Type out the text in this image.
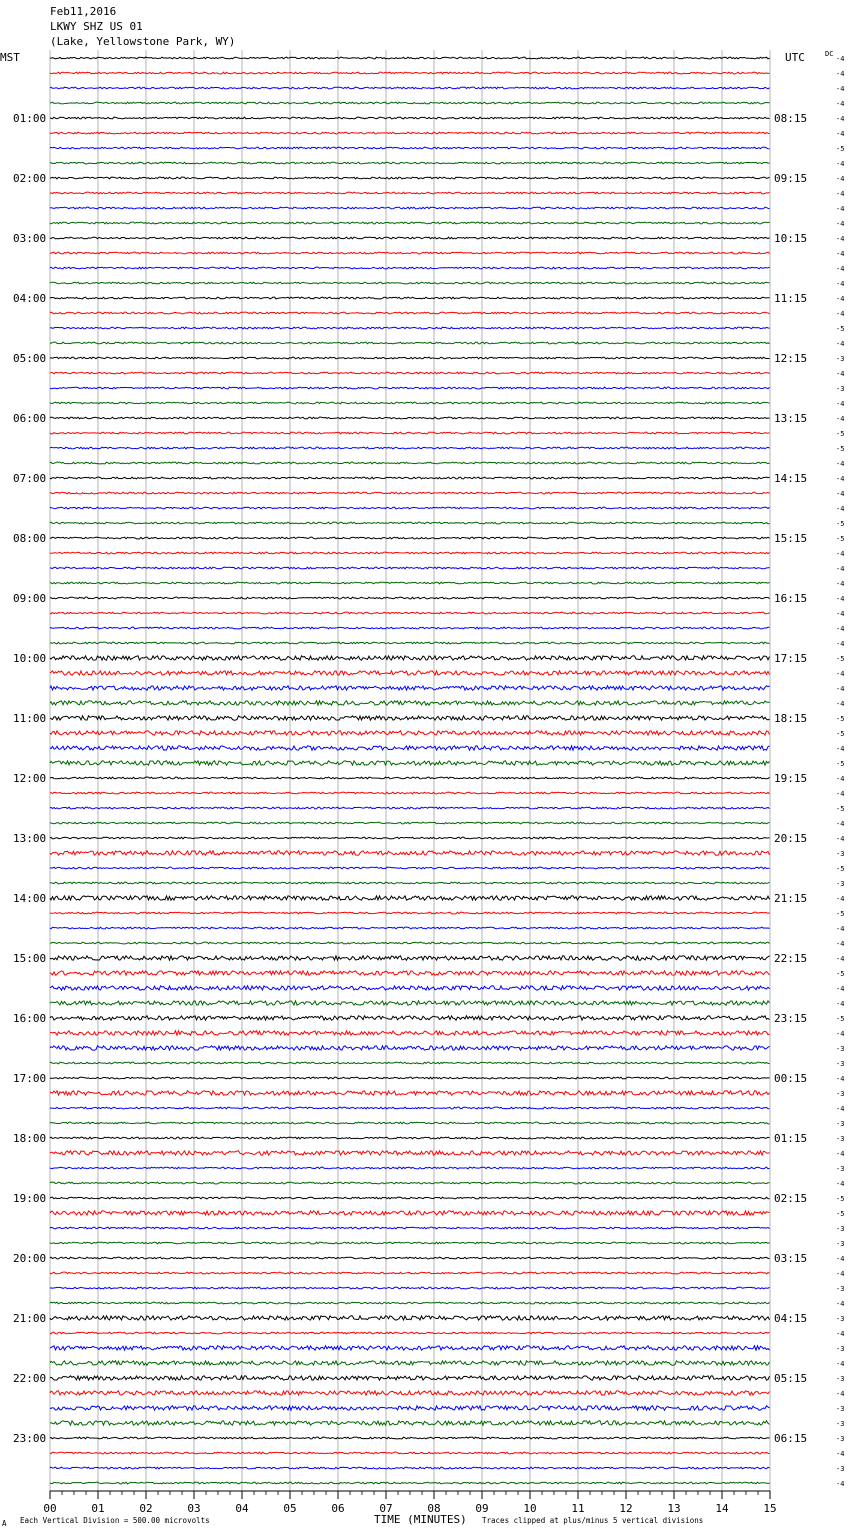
Feb11,2016
LKWY SHZ US 01
(Lake, Yellowstone Park, WY)
00	01	02	03	04	05	06	07	08	09	10	11	12	13	14	15
MST	UTC	DC
-4
-4
-4
-4
01:00	08:15	-4
-4
-5
-4
02:00	09:15	-4
-4
-4
-4
03:00	10:15	-4
-4
-4
-4
04:00	11:15	-4
-4
-5
-4
05:00	12:15	-3
-4
-3
-4
06:00	13:15	-4
-5
-5
-4
07:00	14:15	-4
-4
-4
-5
08:00	15:15	-5
-4
-4
-4
09:00	16:15	-4
-4
-4
-4
10:00	17:15	-5
-4
-4
-4
11:00	18:15	-5
-5
-4
-5
12:00	19:15	-4
-4
-5
-4
13:00	20:15	-4
-3
-5
-3
14:00	21:15	-4
-5
-4
-4
15:00	22:15	-4
-5
-4
-4
16:00	23:15	-5
-4
-3
-3
17:00	00:15	-4
-3
-4
-3
18:00	01:15	-3
-4
-3
-4
19:00	02:15	-5
-5
-3
-3
20:00	03:15	-4
-4
-3
-4
21:00	04:15	-3
-4
-3
-4
22:00	05:15	-3
-4
-3
-3
23:00	06:15	-3
-4
-3
-4
A Each Vertical Division = 500.00 microvolts	TIME (MINUTES) Traces clipped at plus/minus 5 vertical divisions
